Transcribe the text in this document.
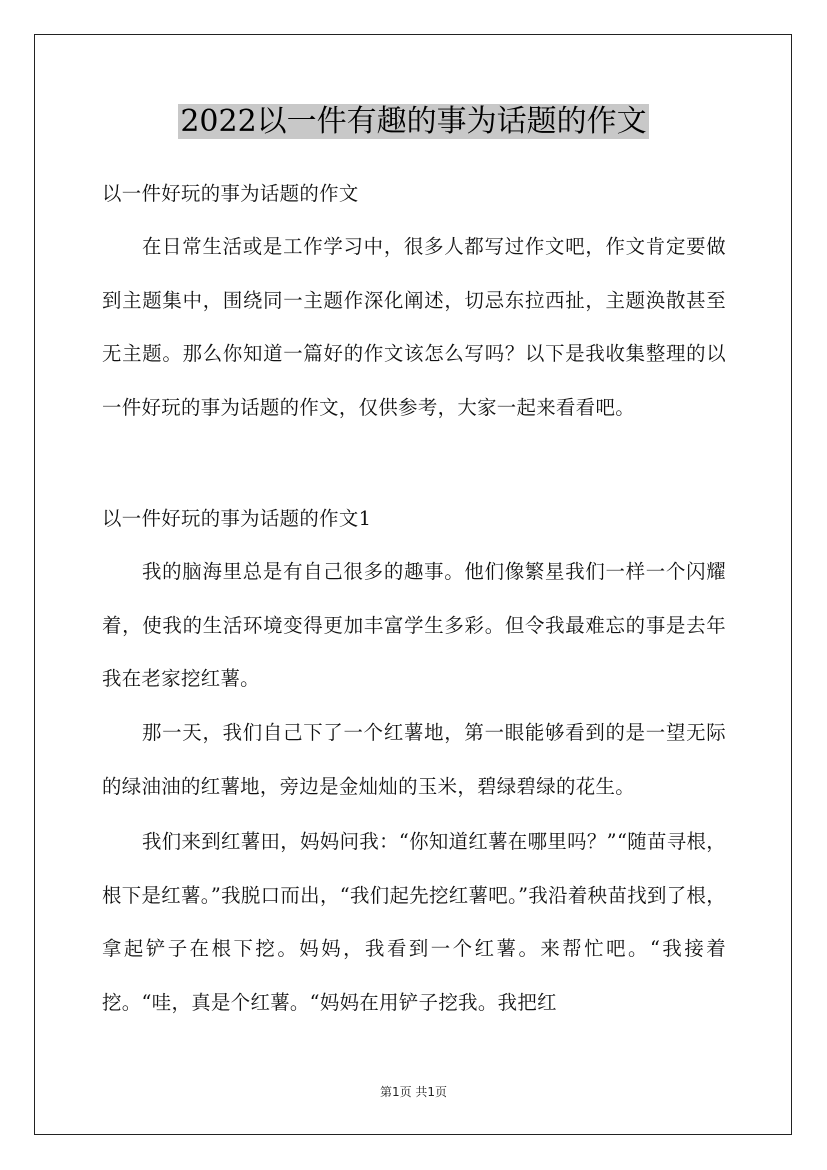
2022以一件有趣的事为话题的作文
以一件好玩的事为话题的作文
在日常生活或是工作学习中，很多人都写过作文吧，作文肯定要做到主题集中，围绕同一主题作深化阐述，切忌东拉西扯，主题涣散甚至无主题。那么你知道一篇好的作文该怎么写吗？以下是我收集整理的以一件好玩的事为话题的作文，仅供参考，大家一起来看看吧。
以一件好玩的事为话题的作文1
我的脑海里总是有自己很多的趣事。他们像繁星我们一样一个闪耀着，使我的生活环境变得更加丰富学生多彩。但令我最难忘的事是去年我在老家挖红薯。
那一天，我们自己下了一个红薯地，第一眼能够看到的是一望无际的绿油油的红薯地，旁边是金灿灿的玉米，碧绿碧绿的花生。
我们来到红薯田，妈妈问我：“你知道红薯在哪里吗？”“随苗寻根，根下是红薯。”我脱口而出，“我们起先挖红薯吧。”我沿着秧苗找到了根，拿起铲子在根下挖。妈妈，我看到一个红薯。来帮忙吧。“我接着挖。“哇，真是个红薯。“妈妈在用铲子挖我。我把红
第1页 共1页
